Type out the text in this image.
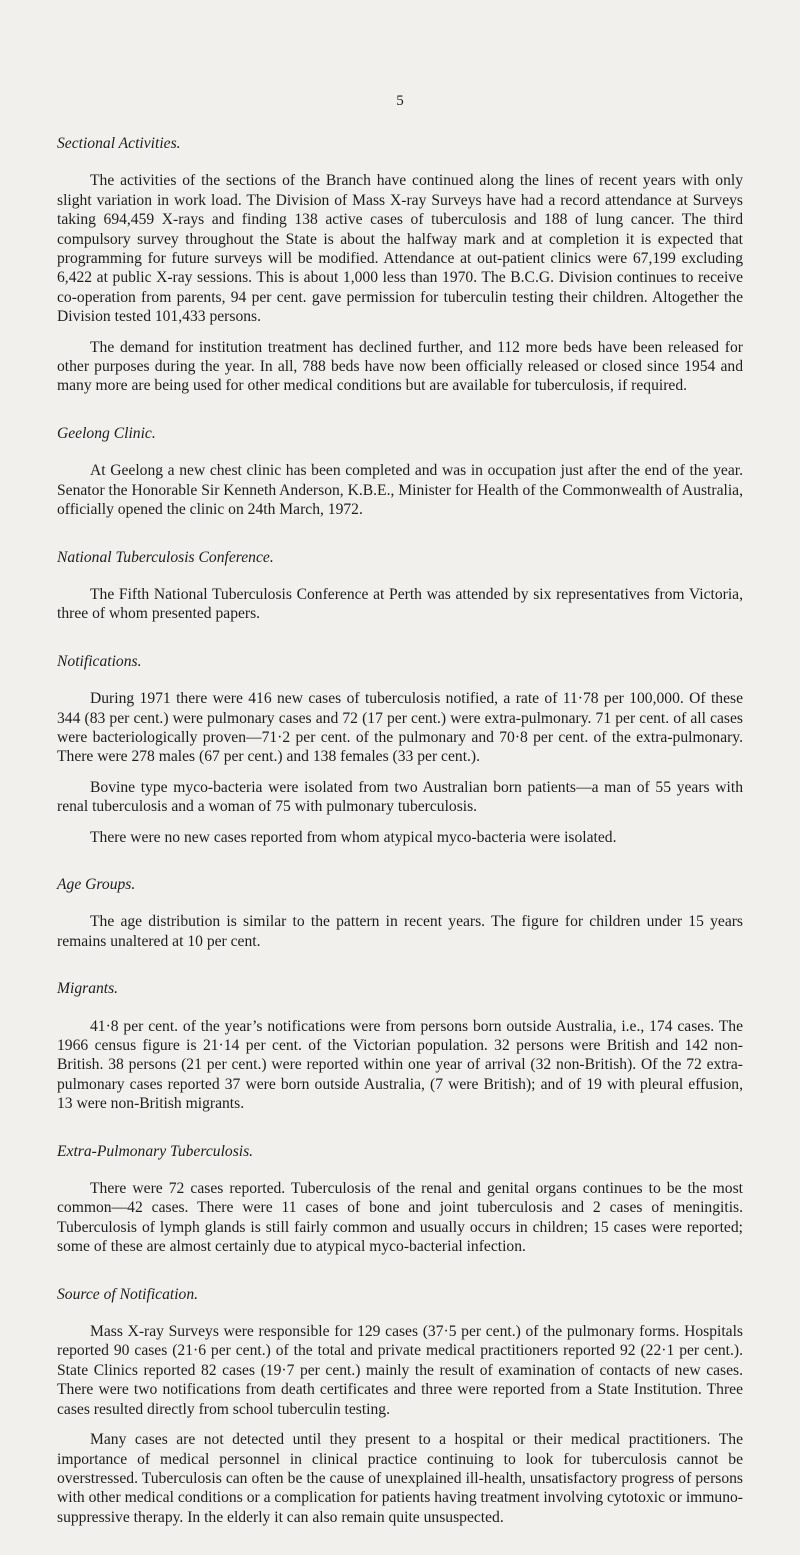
5
Sectional Activities.

The activities of the sections of the Branch have continued along the lines of recent years with only slight variation in work load. The Division of Mass X-ray Surveys have had a record attendance at Surveys taking 694,459 X-rays and finding 138 active cases of tuberculosis and 188 of lung cancer. The third compulsory survey throughout the State is about the halfway mark and at completion it is expected that programming for future surveys will be modified. Attendance at out-patient clinics were 67,199 excluding 6,422 at public X-ray sessions. This is about 1,000 less than 1970. The B.C.G. Division continues to receive co-operation from parents, 94 per cent. gave permission for tuberculin testing their children. Altogether the Division tested 101,433 persons.

The demand for institution treatment has declined further, and 112 more beds have been released for other purposes during the year. In all, 788 beds have now been officially released or closed since 1954 and many more are being used for other medical conditions but are available for tuberculosis, if required.

Geelong Clinic.

At Geelong a new chest clinic has been completed and was in occupation just after the end of the year. Senator the Honorable Sir Kenneth Anderson, K.B.E., Minister for Health of the Commonwealth of Australia, officially opened the clinic on 24th March, 1972.

National Tuberculosis Conference.

The Fifth National Tuberculosis Conference at Perth was attended by six representatives from Victoria, three of whom presented papers.

Notifications.

During 1971 there were 416 new cases of tuberculosis notified, a rate of 11·78 per 100,000. Of these 344 (83 per cent.) were pulmonary cases and 72 (17 per cent.) were extra-pulmonary. 71 per cent. of all cases were bacteriologically proven—71·2 per cent. of the pulmonary and 70·8 per cent. of the extra-pulmonary. There were 278 males (67 per cent.) and 138 females (33 per cent.).

Bovine type myco-bacteria were isolated from two Australian born patients—a man of 55 years with renal tuberculosis and a woman of 75 with pulmonary tuberculosis.

There were no new cases reported from whom atypical myco-bacteria were isolated.

Age Groups.

The age distribution is similar to the pattern in recent years. The figure for children under 15 years remains unaltered at 10 per cent.

Migrants.

41·8 per cent. of the year’s notifications were from persons born outside Australia, i.e., 174 cases. The 1966 census figure is 21·14 per cent. of the Victorian population. 32 persons were British and 142 non-British. 38 persons (21 per cent.) were reported within one year of arrival (32 non-British). Of the 72 extra-pulmonary cases reported 37 were born outside Australia, (7 were British); and of 19 with pleural effusion, 13 were non-British migrants.

Extra-Pulmonary Tuberculosis.

There were 72 cases reported. Tuberculosis of the renal and genital organs continues to be the most common—42 cases. There were 11 cases of bone and joint tuberculosis and 2 cases of meningitis. Tuberculosis of lymph glands is still fairly common and usually occurs in children; 15 cases were reported; some of these are almost certainly due to atypical myco-bacterial infection.

Source of Notification.

Mass X-ray Surveys were responsible for 129 cases (37·5 per cent.) of the pulmonary forms. Hospitals reported 90 cases (21·6 per cent.) of the total and private medical practitioners reported 92 (22·1 per cent.). State Clinics reported 82 cases (19·7 per cent.) mainly the result of examination of contacts of new cases. There were two notifications from death certificates and three were reported from a State Institution. Three cases resulted directly from school tuberculin testing.

Many cases are not detected until they present to a hospital or their medical practitioners. The importance of medical personnel in clinical practice continuing to look for tuberculosis cannot be overstressed. Tuberculosis can often be the cause of unexplained ill-health, unsatisfactory progress of persons with other medical conditions or a complication for patients having treatment involving cytotoxic or immuno-suppressive therapy. In the elderly it can also remain quite unsuspected.
